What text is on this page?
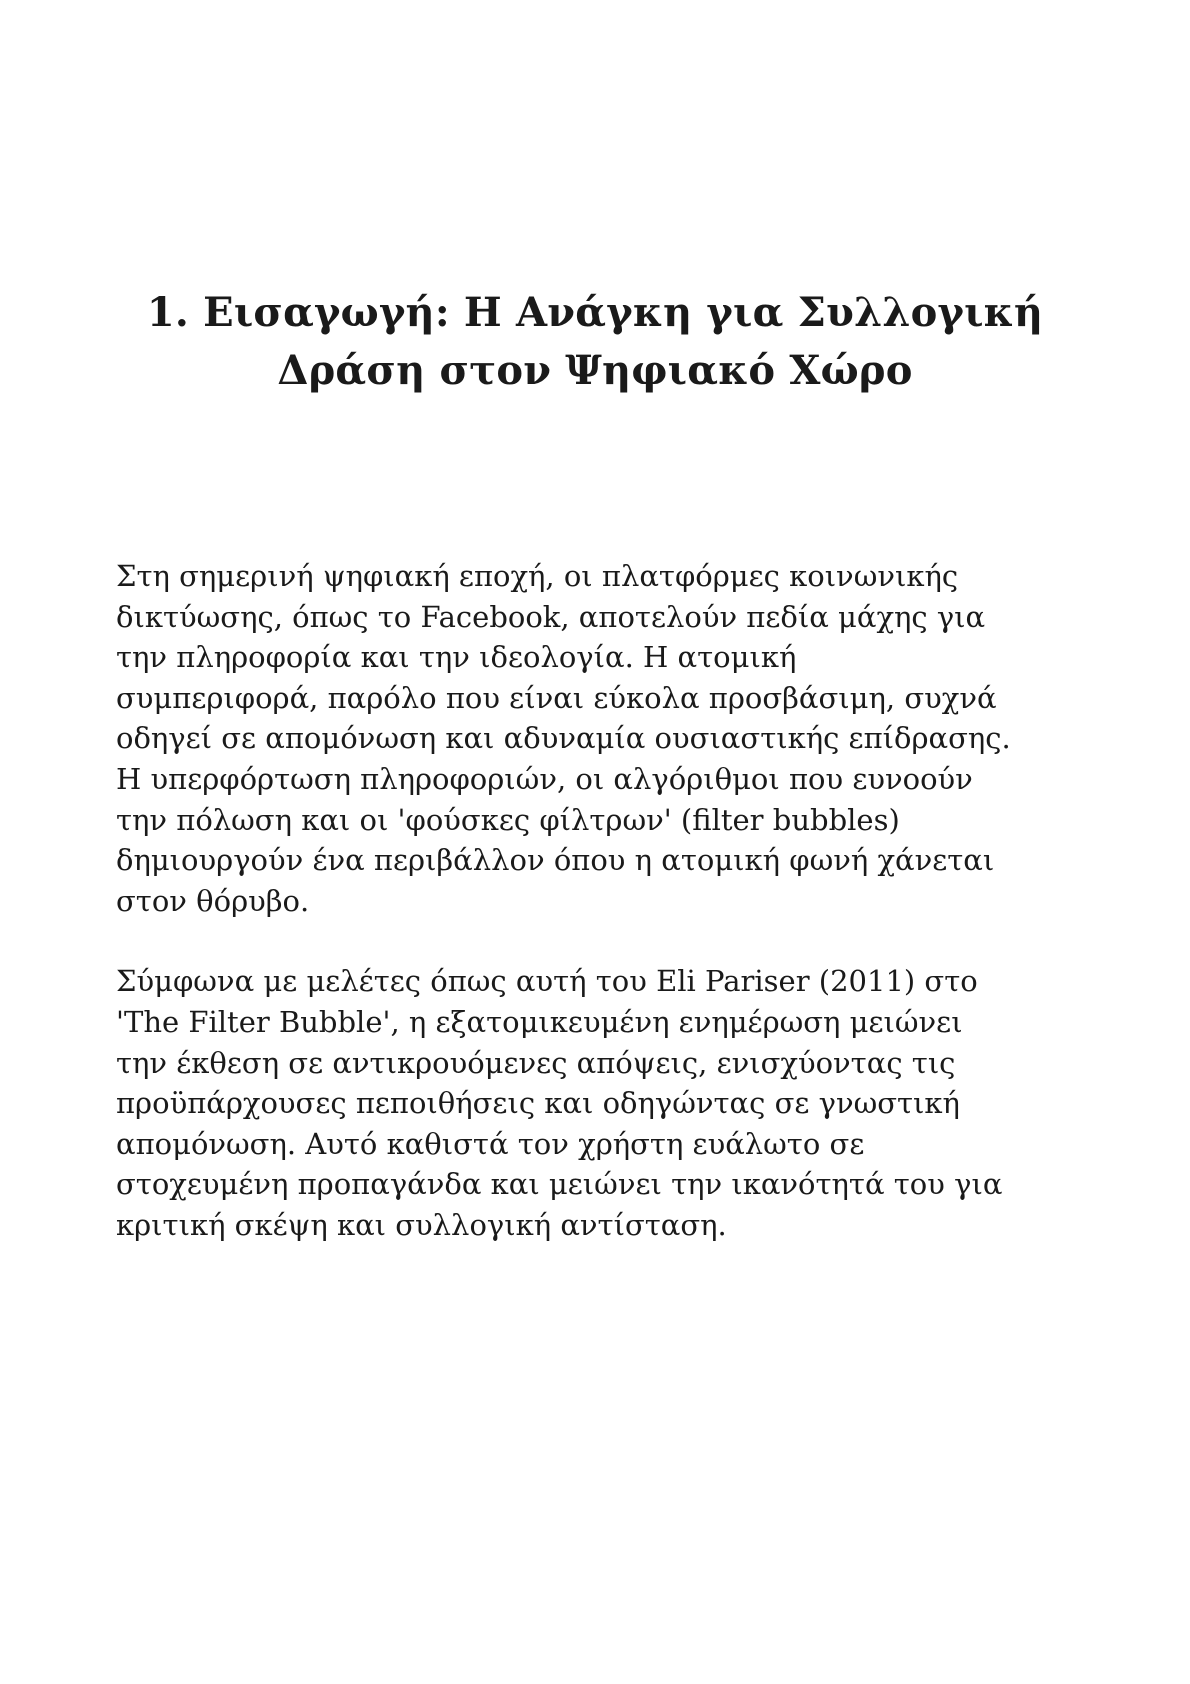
1. Εισαγωγή: Η Ανάγκη για Συλλογική
Δράση στον Ψηφιακό Χώρο

Στη σημερινή ψηφιακή εποχή, οι πλατφόρμες κοινωνικής
δικτύωσης, όπως το Facebook, αποτελούν πεδία μάχης για
την πληροφορία και την ιδεολογία. Η ατομική
συμπεριφορά, παρόλο που είναι εύκολα προσβάσιμη, συχνά
οδηγεί σε απομόνωση και αδυναμία ουσιαστικής επίδρασης.
Η υπερφόρτωση πληροφοριών, οι αλγόριθμοι που ευνοούν
την πόλωση και οι 'φούσκες φίλτρων' (filter bubbles)
δημιουργούν ένα περιβάλλον όπου η ατομική φωνή χάνεται
στον θόρυβο.

Σύμφωνα με μελέτες όπως αυτή του Eli Pariser (2011) στο
'The Filter Bubble', η εξατομικευμένη ενημέρωση μειώνει
την έκθεση σε αντικρουόμενες απόψεις, ενισχύοντας τις
προϋπάρχουσες πεποιθήσεις και οδηγώντας σε γνωστική
απομόνωση. Αυτό καθιστά τον χρήστη ευάλωτο σε
στοχευμένη προπαγάνδα και μειώνει την ικανότητά του για
κριτική σκέψη και συλλογική αντίσταση.
